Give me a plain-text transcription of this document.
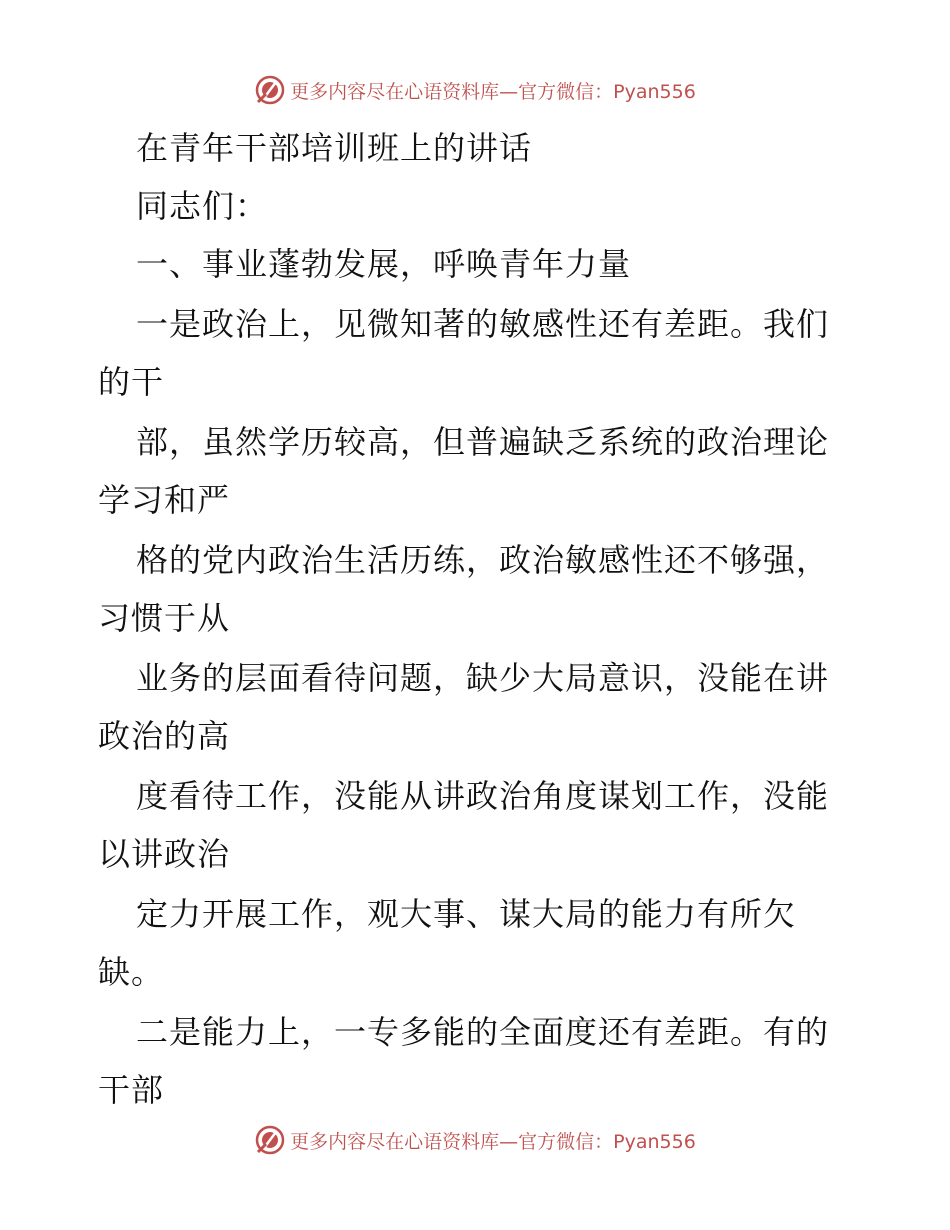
更多内容尽在心语资料库—官方微信：Pyan556
在青年干部培训班上的讲话
同志们：
一、事业蓬勃发展，呼唤青年力量
一是政治上，见微知著的敏感性还有差距。我们
的干
部，虽然学历较高，但普遍缺乏系统的政治理论
学习和严
格的党内政治生活历练，政治敏感性还不够强，
习惯于从
业务的层面看待问题，缺少大局意识，没能在讲
政治的高
度看待工作，没能从讲政治角度谋划工作，没能
以讲政治
定力开展工作，观大事、谋大局的能力有所欠
缺。
二是能力上，一专多能的全面度还有差距。有的
干部
更多内容尽在心语资料库—官方微信：Pyan556
